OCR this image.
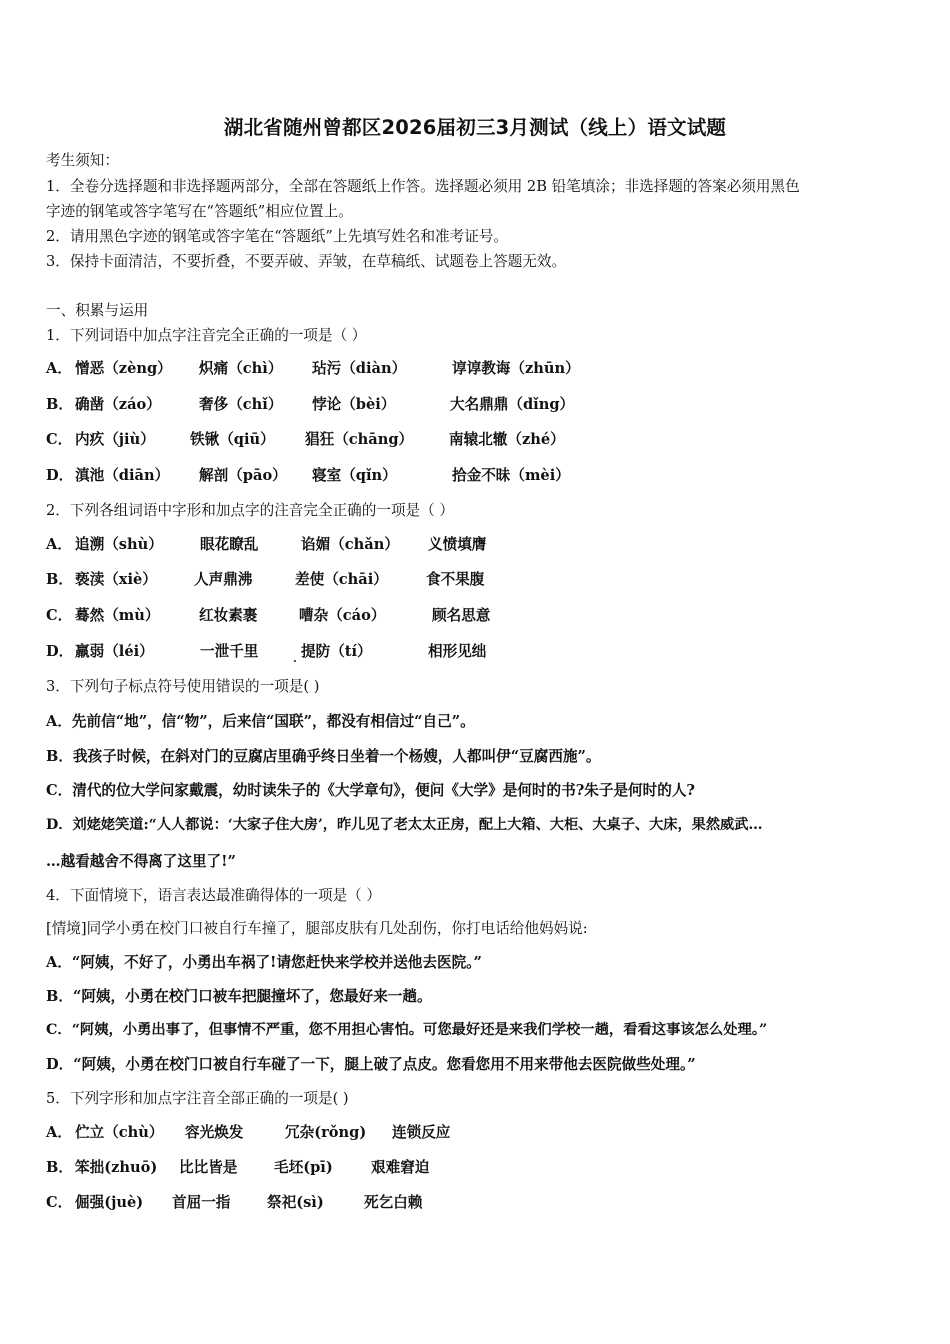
湖北省随州曾都区2026届初三3月测试（线上）语文试题
考生须知：
1．全卷分选择题和非选择题两部分，全部在答题纸上作答。选择题必须用 2B 铅笔填涂；非选择题的答案必须用黑色
字迹的钢笔或答字笔写在“答题纸”相应位置上。
2．请用黑色字迹的钢笔或答字笔在“答题纸”上先填写姓名和准考证号。
3．保持卡面清洁，不要折叠，不要弄破、弄皱，在草稿纸、试题卷上答题无效。
一、积累与运用
1．下列词语中加点字注音完全正确的一项是（ ）
A． 憎恶（zèng） 炽痛（chì） 玷污（diàn）	谆谆教诲（zhūn）
B． 确凿（záo）	奢侈（chǐ） 悖论（bèi）	大名鼎鼎（dǐng）
C． 内疚（jiù） 铁锹（qiū） 猖狂（chāng） 南辕北辙（zhé）
D． 滇池（diān） 解剖（pāo） 寝室（qǐn）	拾金不昧（mèi）
2．下列各组词语中字形和加点字的注音完全正确的一项是（ ）
A． 追溯（shù）	眼花瞭乱	谄媚（chǎn） 义愤填膺
B． 亵渎（xiè）	人声鼎沸	差使（chāi）	食不果腹
C． 蓦然（mù）	红妆素裹	嘈杂（cáo）	顾名思意
D． 羸弱（léi）	一泄千里	提防（tí）	相形见绌
3．下列句子标点符号使用错误的一项是( )
A．先前信“地”，信“物”，后来信“国联”，都没有相信过“自己”。
B．我孩子时候，在斜对门的豆腐店里确乎终日坐着一个杨嫂，人都叫伊“豆腐西施”。
C．清代的位大学问家戴震，幼时读朱子的《大学章句》，便问《大学》是何时的书?朱子是何时的人?
D．刘姥姥笑道:“人人都说：‘大家子住大房’，昨儿见了老太太正房，配上大箱、大柜、大桌子、大床，果然威武…
…越看越舍不得离了这里了!”
4．下面情境下，语言表达最准确得体的一项是（ ）
[情境]同学小勇在校门口被自行车撞了，腿部皮肤有几处刮伤，你打电话给他妈妈说:
A．“阿姨，不好了，小勇出车祸了!请您赶快来学校并送他去医院。”
B．“阿姨，小勇在校门口被车把腿撞坏了，您最好来一趟。
C．“阿姨，小勇出事了，但事情不严重，您不用担心害怕。可您最好还是来我们学校一趟，看看这事该怎么处理。”
D．“阿姨，小勇在校门口被自行车碰了一下，腿上破了点皮。您看您用不用来带他去医院做些处理。”
5．下列字形和加点字注音全部正确的一项是( )
A． 伫立（chù） 容光焕发	冗杂(rǒng) 连锁反应
B． 笨拙(zhuō) 比比皆是	毛坯(pī)	艰难窘迫
C． 倔强(juè) 首屈一指	祭祀(sì)	死乞白赖
